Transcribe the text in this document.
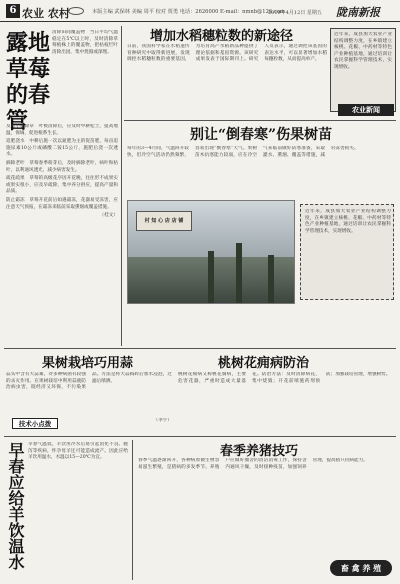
6 农业 农村	本版主编 武保林 美编 周平 校对 贾勇 电话：2626000 E-mail：nmnb@126.com
2019年4月12日 星期五 陇南新报
露地草莓的春管
清除田间覆盖物　当日平均气温稳定在5℃以上时，及时清除草莓植株上的覆盖物，把枯枝烂叶清除出园，集中烧毁或深埋。

及时中耕除草　叶被清除后，应及时中耕松土，提高地温，保墒，促进根系生长。

追肥浇水　中耕后施一次以氮肥为主的促苗肥，每亩追施尿素10公斤或磷酸二铵15公斤，施肥后浇一次透水。

摘除老叶　草莓春季萌芽后，及时摘除老叶、病叶和枯叶，以利通风透光，减少病害发生。

疏花疏果　草莓的高级花序因开花晚，往往形不成果实或果实很小，应及早疏除，集中养分供应，提高产量和品质。

防止霜冻　草莓开花前后如遇霜冻，花器易受冻害，应注意天气预报，在霜冻来临前采取熏烟或覆盖措施。

（桂文）

增加水稻穗粒数的新途径
日前，我国科学家在水稻遗传育种研究中取得新进展，发现调控水稻穗粒数的重要基因，为培育高产水稻新品种提供了理论依据和基因资源。该研究成果发表于国际期刊上。研究人员表示，通过调控该基因的表达水平，可以显著增加水稻每穗粒数，从而提高单产。
近年来，成县加大农业产业结构调整力度，在乡镇建立核桃、花椒、中药材等特色产业种植基地，通过培训让农民掌握科学管理技术，实现增收。
农业新闻
别让“倒春寒”伤果树苗
每年的3—4月间，气温回升较快，但冷空气活动仍然频繁，容易出现“倒春寒”天气。果树苗木抗寒能力较弱，应在冷空气来临前做好防寒准备，采取灌水、熏烟、覆盖等措施，减轻冻害损失。
村 知 心 店 店 铺
近年来，成县加大农业产业结构调整力度，在乡镇建立核桃、花椒、中药材等特色产业种植基地，通过培训让农民掌握科学管理技术，实现增收。
果树栽培巧用蒜
蒜头中含有大蒜素，对多种病菌有较强的杀灭作用。在果树栽培中利用蒜液防治病虫害，既经济又环保，不污染果品。方法是将大蒜捣碎后加水浸泡，过滤后喷洒。
技术小点拨	（李宇）
桃树花痈病防治
桃树花痈病又称桃花腐病，主要危害花器，严重时造成大量落花。防治方法：及时清除病花，集中烧毁；开花前喷施药剂预防；加强栽培管理，增强树势。
早春应给羊饮温水 早春气温低，羊饮用冷水后易引起消化不良、腹泻等疾病，怀孕母羊还可能造成流产。因此应给羊饮用温水，水温以15—20℃为宜。	春季养猪技巧
春季气温逐渐回升，各种病原微生物容易滋生繁殖，是猪病的多发季节。养殖户应做好圈舍的清洁消毒工作，保持舍内通风干燥，及时接种疫苗，加强饲养管理，提高猪只抗病能力。
畜 禽 养 殖
